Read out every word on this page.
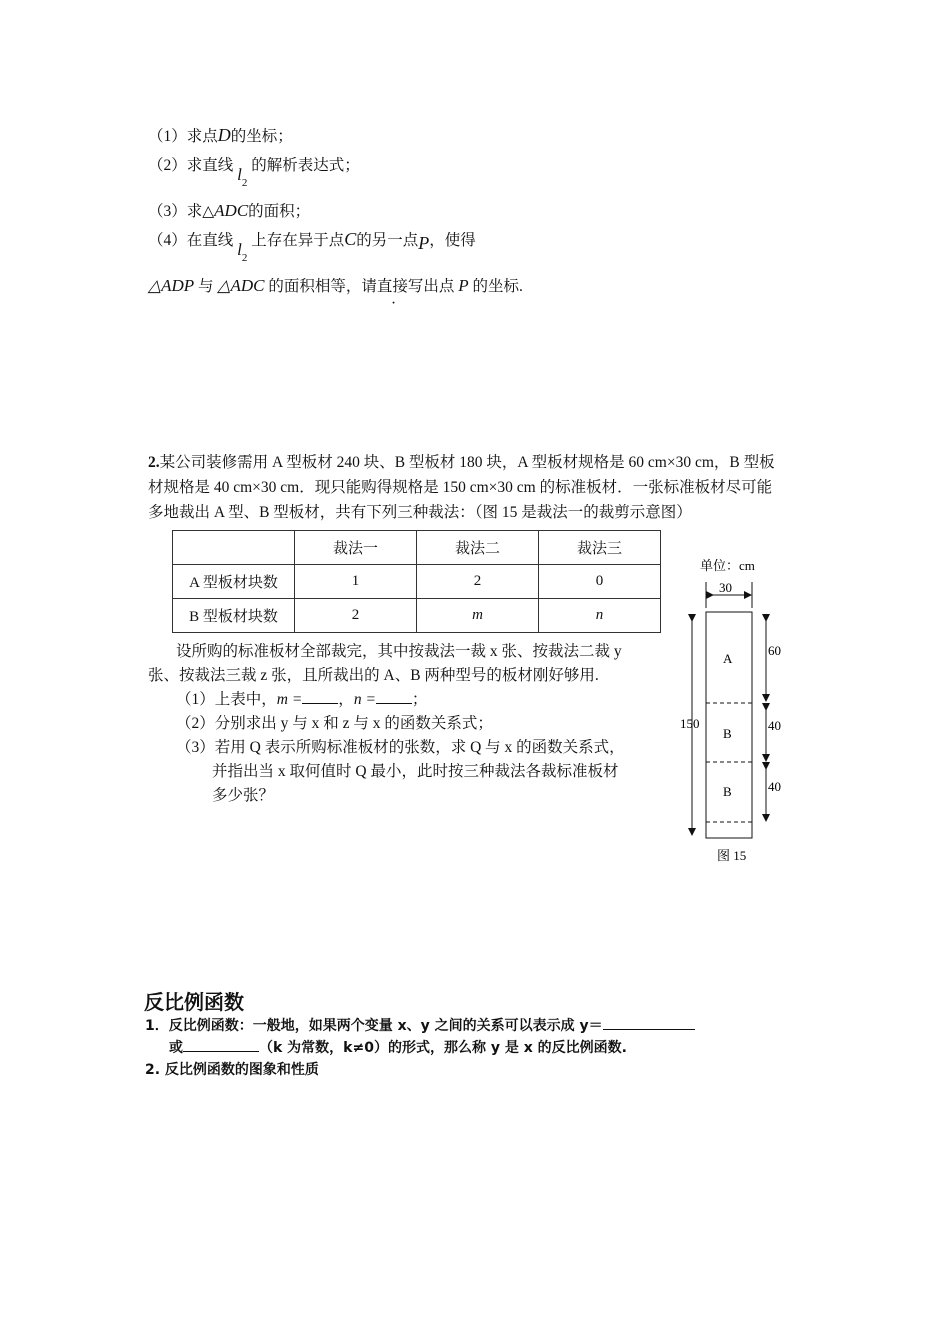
（1）求点D的坐标；
（2）求直线 $l_2$ 的解析表达式；
（3）求△ADC的面积；
（4）在直线 $l_2$ 上存在异于点C的另一点P，使得
△ADP 与 △ADC 的面积相等，请直接写出点 P 的坐标.
2.某公司装修需用 A 型板材 240 块、B 型板材 180 块，A 型板材规格是 60 cm×30 cm，B 型板
材规格是 40 cm×30 cm．现只能购得规格是 150 cm×30 cm 的标准板材．一张标准板材尽可能
多地裁出 A 型、B 型板材，共有下列三种裁法：（图 15 是裁法一的裁剪示意图）
	裁法一	裁法二	裁法三
A 型板材块数	1	2	0
B 型板材块数	2	m	n
设所购的标准板材全部裁完，其中按裁法一裁 x 张、按裁法二裁 y
张、按裁法三裁 z 张，且所裁出的 A、B 两种型号的板材刚好够用.
（1）上表中，m = ，n = ；
（2）分别求出 y 与 x 和 z 与 x 的函数关系式；
（3）若用 Q 表示所购标准板材的张数，求 Q 与 x 的函数关系式，
并指出当 x 取何值时 Q 最小，此时按三种裁法各裁标准板材
多少张？
单位：cm
30
A
B
B
150
60
40
40
图 15
反比例函数
1．反比例函数：一般地，如果两个变量 x、y 之间的关系可以表示成 y＝
或	（k 为常数，k≠0）的形式，那么称 y 是 x 的反比例函数.
2. 反比例函数的图象和性质
